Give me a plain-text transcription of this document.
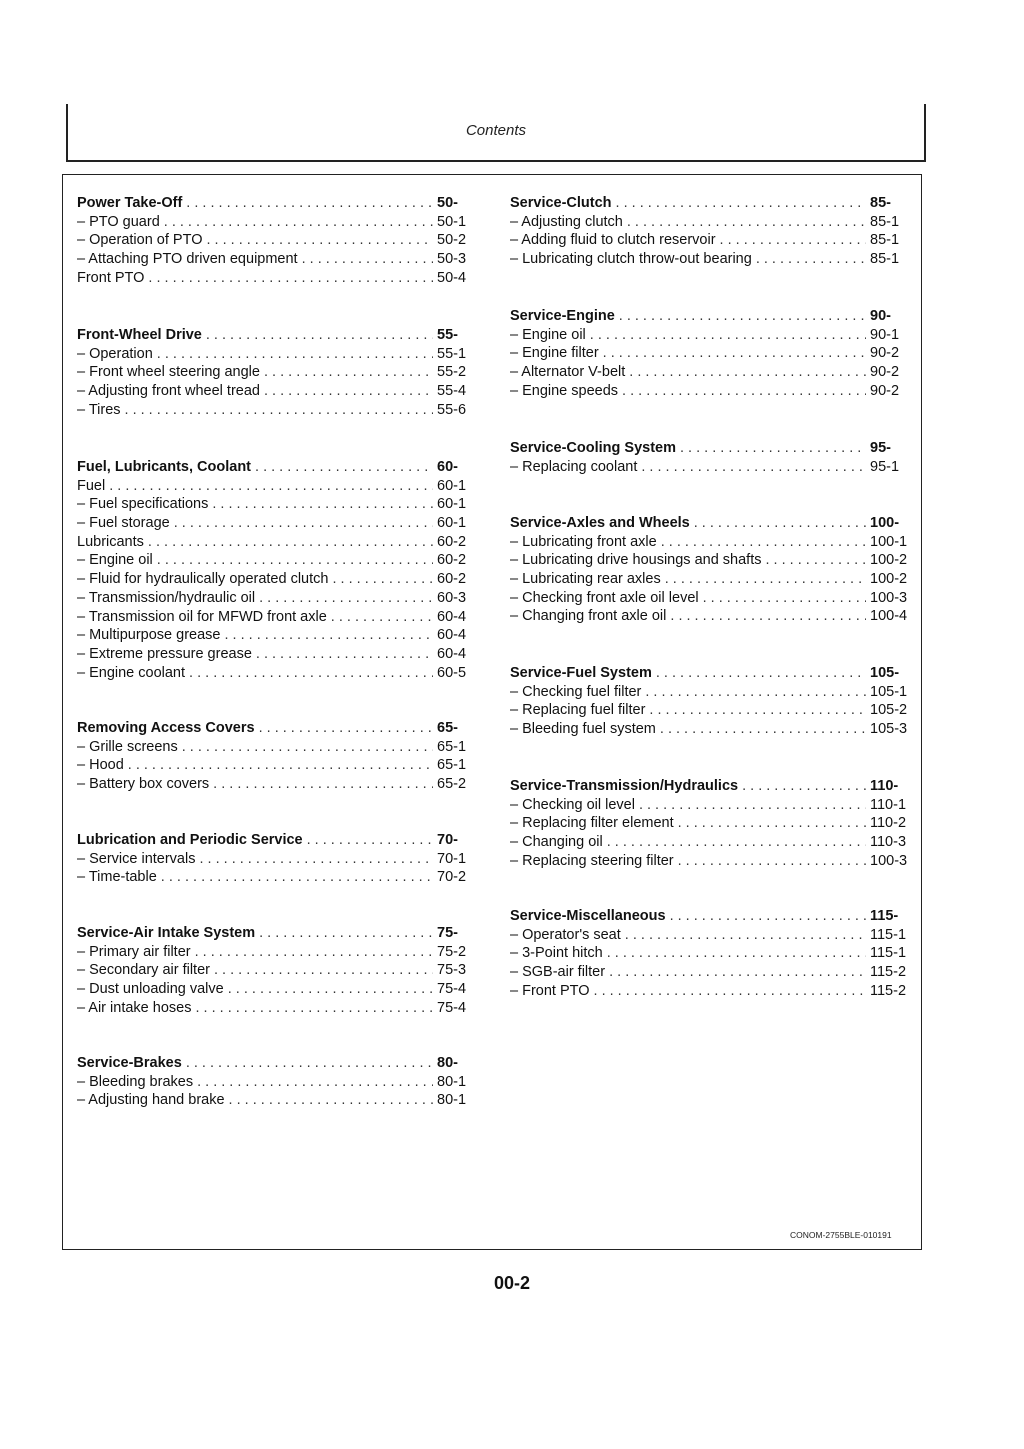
Contents
Power Take-Off . . .	50-
– PTO guard . . .	50-1
– Operation of PTO . . .	50-2
– Attaching PTO driven equipment . . .	50-3
Front PTO . . .	50-4
Front-Wheel Drive . . .	55-
– Operation . . .	55-1
– Front wheel steering angle . . .	55-2
– Adjusting front wheel tread . . .	55-4
– Tires . . .	55-6
Fuel, Lubricants, Coolant . . .	60-
Fuel . . .	60-1
– Fuel specifications . . .	60-1
– Fuel storage . . .	60-1
Lubricants . . .	60-2
– Engine oil . . .	60-2
– Fluid for hydraulically operated clutch . . .	60-2
– Transmission/hydraulic oil . . .	60-3
– Transmission oil for MFWD front axle . . .	60-4
– Multipurpose grease . . .	60-4
– Extreme pressure grease . . .	60-4
– Engine coolant . . .	60-5
Removing Access Covers . . .	65-
– Grille screens . . .	65-1
– Hood . . .	65-1
– Battery box covers . . .	65-2
Lubrication and Periodic Service . . .	70-
– Service intervals . . .	70-1
– Time-table . . .	70-2
Service-Air Intake System . . .	75-
– Primary air filter . . .	75-2
– Secondary air filter . . .	75-3
– Dust unloading valve . . .	75-4
– Air intake hoses . . .	75-4
Service-Brakes . . .	80-
– Bleeding brakes . . .	80-1
– Adjusting hand brake . . .	80-1
Service-Clutch . . .	85-
– Adjusting clutch . . .	85-1
– Adding fluid to clutch reservoir . . .	85-1
– Lubricating clutch throw-out bearing . . .	85-1
Service-Engine . . .	90-
– Engine oil . . .	90-1
– Engine filter . . .	90-2
– Alternator V-belt . . .	90-2
– Engine speeds . . .	90-2
Service-Cooling System . . .	95-
– Replacing coolant . . .	95-1
Service-Axles and Wheels . . .	100-
– Lubricating front axle . . .	100-1
– Lubricating drive housings and shafts . . .	100-2
– Lubricating rear axles . . .	100-2
– Checking front axle oil level . . .	100-3
– Changing front axle oil . . .	100-4
Service-Fuel System . . .	105-
– Checking fuel filter . . .	105-1
– Replacing fuel filter . . .	105-2
– Bleeding fuel system . . .	105-3
Service-Transmission/Hydraulics . . .	110-
– Checking oil level . . .	110-1
– Replacing filter element . . .	110-2
– Changing oil . . .	110-3
– Replacing steering filter . . .	100-3
Service-Miscellaneous . . .	115-
– Operator's seat . . .	115-1
– 3-Point hitch . . .	115-1
– SGB-air filter . . .	115-2
– Front PTO . . .	115-2
CONOM-2755BLE-010191
00-2
